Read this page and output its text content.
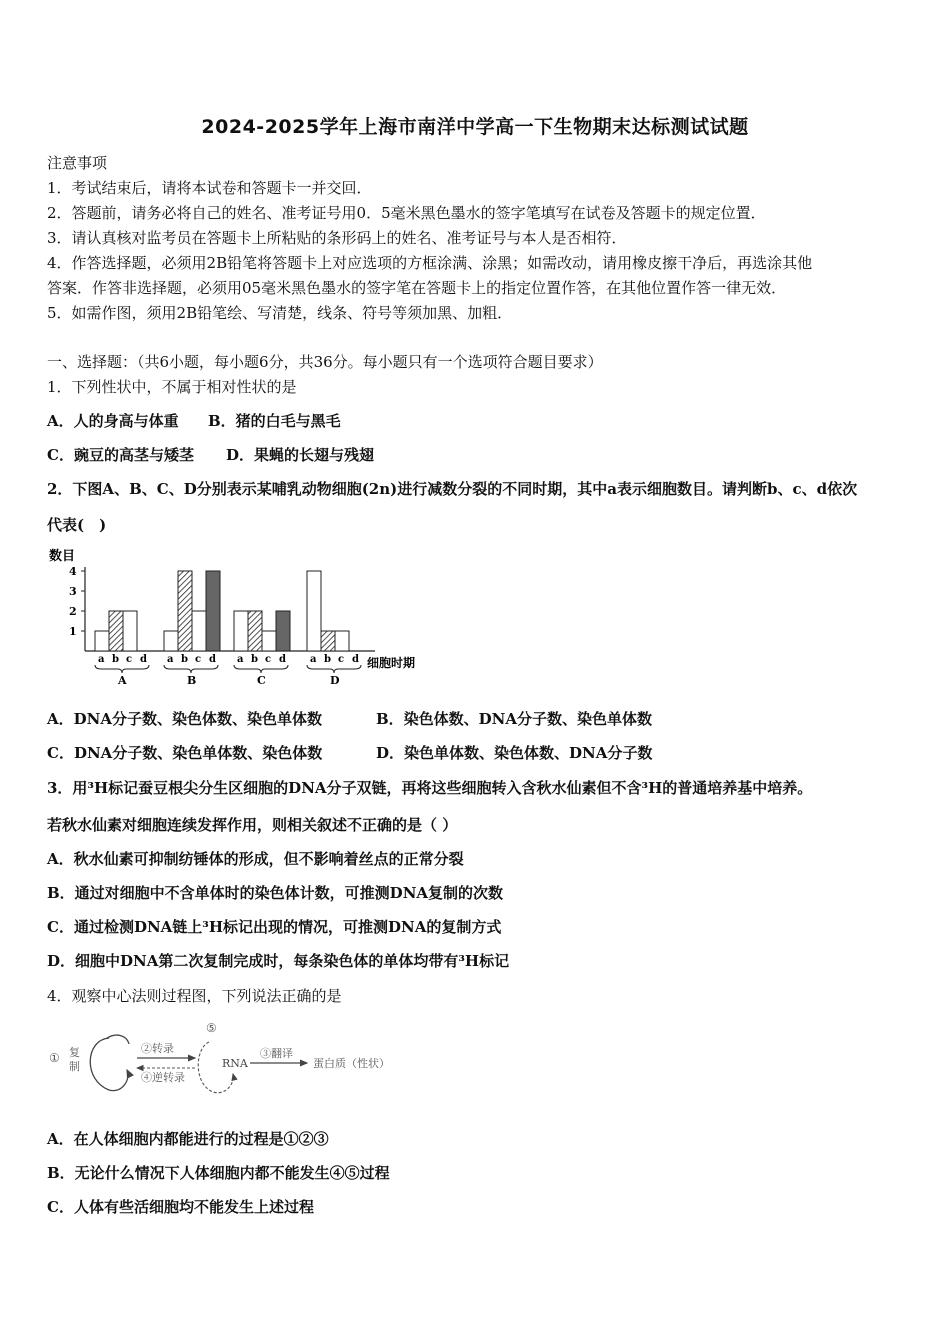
2024-2025学年上海市南洋中学高一下生物期末达标测试试题
注意事项
1．考试结束后，请将本试卷和答题卡一并交回．
2．答题前，请务必将自己的姓名、准考证号用0．5毫米黑色墨水的签字笔填写在试卷及答题卡的规定位置．
3．请认真核对监考员在答题卡上所粘贴的条形码上的姓名、准考证号与本人是否相符．
4．作答选择题，必须用2B铅笔将答题卡上对应选项的方框涂满、涂黑；如需改动，请用橡皮擦干净后，再选涂其他
答案．作答非选择题，必须用05毫米黑色墨水的签字笔在答题卡上的指定位置作答，在其他位置作答一律无效．
5．如需作图，须用2B铅笔绘、写清楚，线条、符号等须加黑、加粗．
一、选择题：（共6小题，每小题6分，共36分。每小题只有一个选项符合题目要求）
1．下列性状中，不属于相对性状的是
A．人的身高与体重 B．猪的白毛与黑毛
C．豌豆的高茎与矮茎 D．果蝇的长翅与残翅
2．下图A、B、C、D分别表示某哺乳动物细胞(2n)进行减数分裂的不同时期，其中a表示细胞数目。请判断b、c、d依次
代表(　)
数目
1
2
3
4
a b c d
A
a b c d
B
a b c d
C
a b c d
D
细胞时期
A．DNA分子数、染色体数、染色单体数	B．染色体数、DNA分子数、染色单体数
C．DNA分子数、染色单体数、染色体数	D．染色单体数、染色体数、DNA分子数
3．用³H标记蚕豆根尖分生区细胞的DNA分子双链，再将这些细胞转入含秋水仙素但不含³H的普通培养基中培养。
若秋水仙素对细胞连续发挥作用，则相关叙述不正确的是（ ）
A．秋水仙素可抑制纺锤体的形成，但不影响着丝点的正常分裂
B．通过对细胞中不含单体时的染色体计数，可推测DNA复制的次数
C．通过检测DNA链上³H标记出现的情况，可推测DNA的复制方式
D．细胞中DNA第二次复制完成时，每条染色体的单体均带有³H标记
4．观察中心法则过程图，下列说法正确的是
① 复
制
②转录
④逆转录
⑤
RNA
③翻译
蛋白质（性状）
A．在人体细胞内都能进行的过程是①②③
B．无论什么情况下人体细胞内都不能发生④⑤过程
C．人体有些活细胞均不能发生上述过程
